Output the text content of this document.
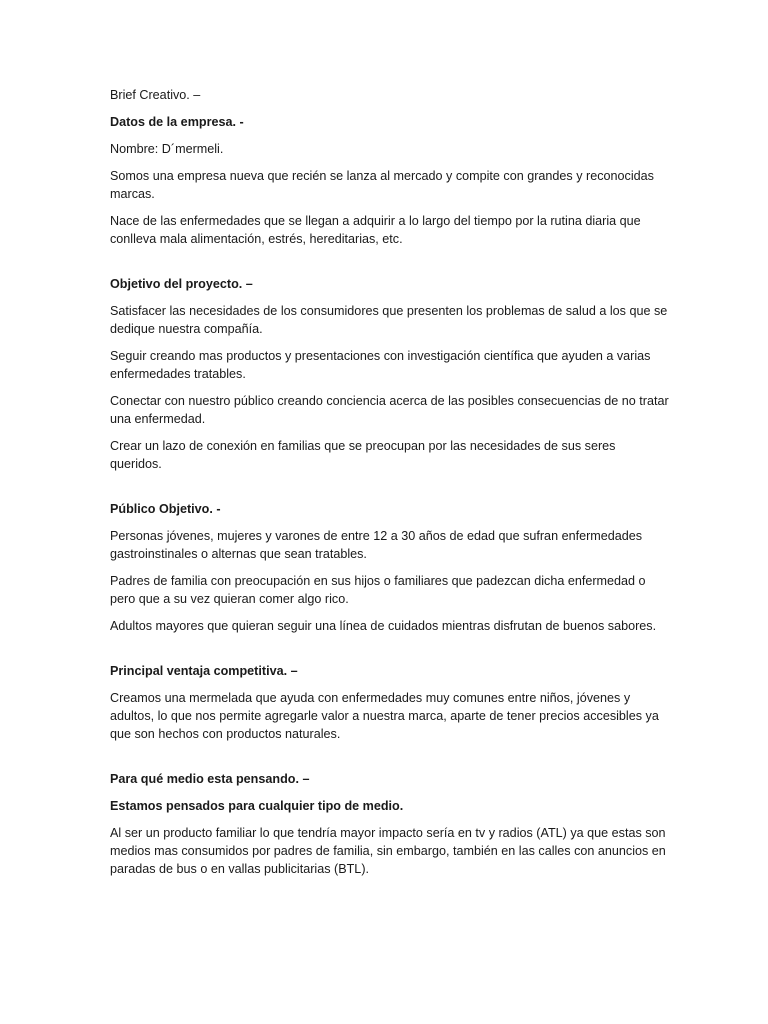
Brief Creativo. –

Datos de la empresa. -

Nombre: D´mermeli.

Somos una empresa nueva que recién se lanza al mercado y compite con grandes y reconocidas marcas.

Nace de las enfermedades que se llegan a adquirir a lo largo del tiempo por la rutina diaria que conlleva mala alimentación, estrés, hereditarias, etc.

Objetivo del proyecto. –

Satisfacer las necesidades de los consumidores que presenten los problemas de salud a los que se dedique nuestra compañía.

Seguir creando mas productos y presentaciones con investigación científica que ayuden a varias enfermedades tratables.

Conectar con nuestro público creando conciencia acerca de las posibles consecuencias de no tratar una enfermedad.

Crear un lazo de conexión en familias que se preocupan por las necesidades de sus seres queridos.

Público Objetivo. -

Personas jóvenes, mujeres y varones de entre 12 a 30 años de edad que sufran enfermedades gastroinstinales o alternas que sean tratables.

Padres de familia con preocupación en sus hijos o familiares que padezcan dicha enfermedad o pero que a su vez quieran comer algo rico.

Adultos mayores que quieran seguir una línea de cuidados mientras disfrutan de buenos sabores.

Principal ventaja competitiva. –

Creamos una mermelada que ayuda con enfermedades muy comunes entre niños, jóvenes y adultos, lo que nos permite agregarle valor a nuestra marca, aparte de tener precios accesibles ya que son hechos con productos naturales.

Para qué medio esta pensando. –

Estamos pensados para cualquier tipo de medio.

Al ser un producto familiar lo que tendría mayor impacto sería en tv y radios (ATL) ya que estas son medios mas consumidos por padres de familia, sin embargo, también en las calles con anuncios en paradas de bus o en vallas publicitarias (BTL).
